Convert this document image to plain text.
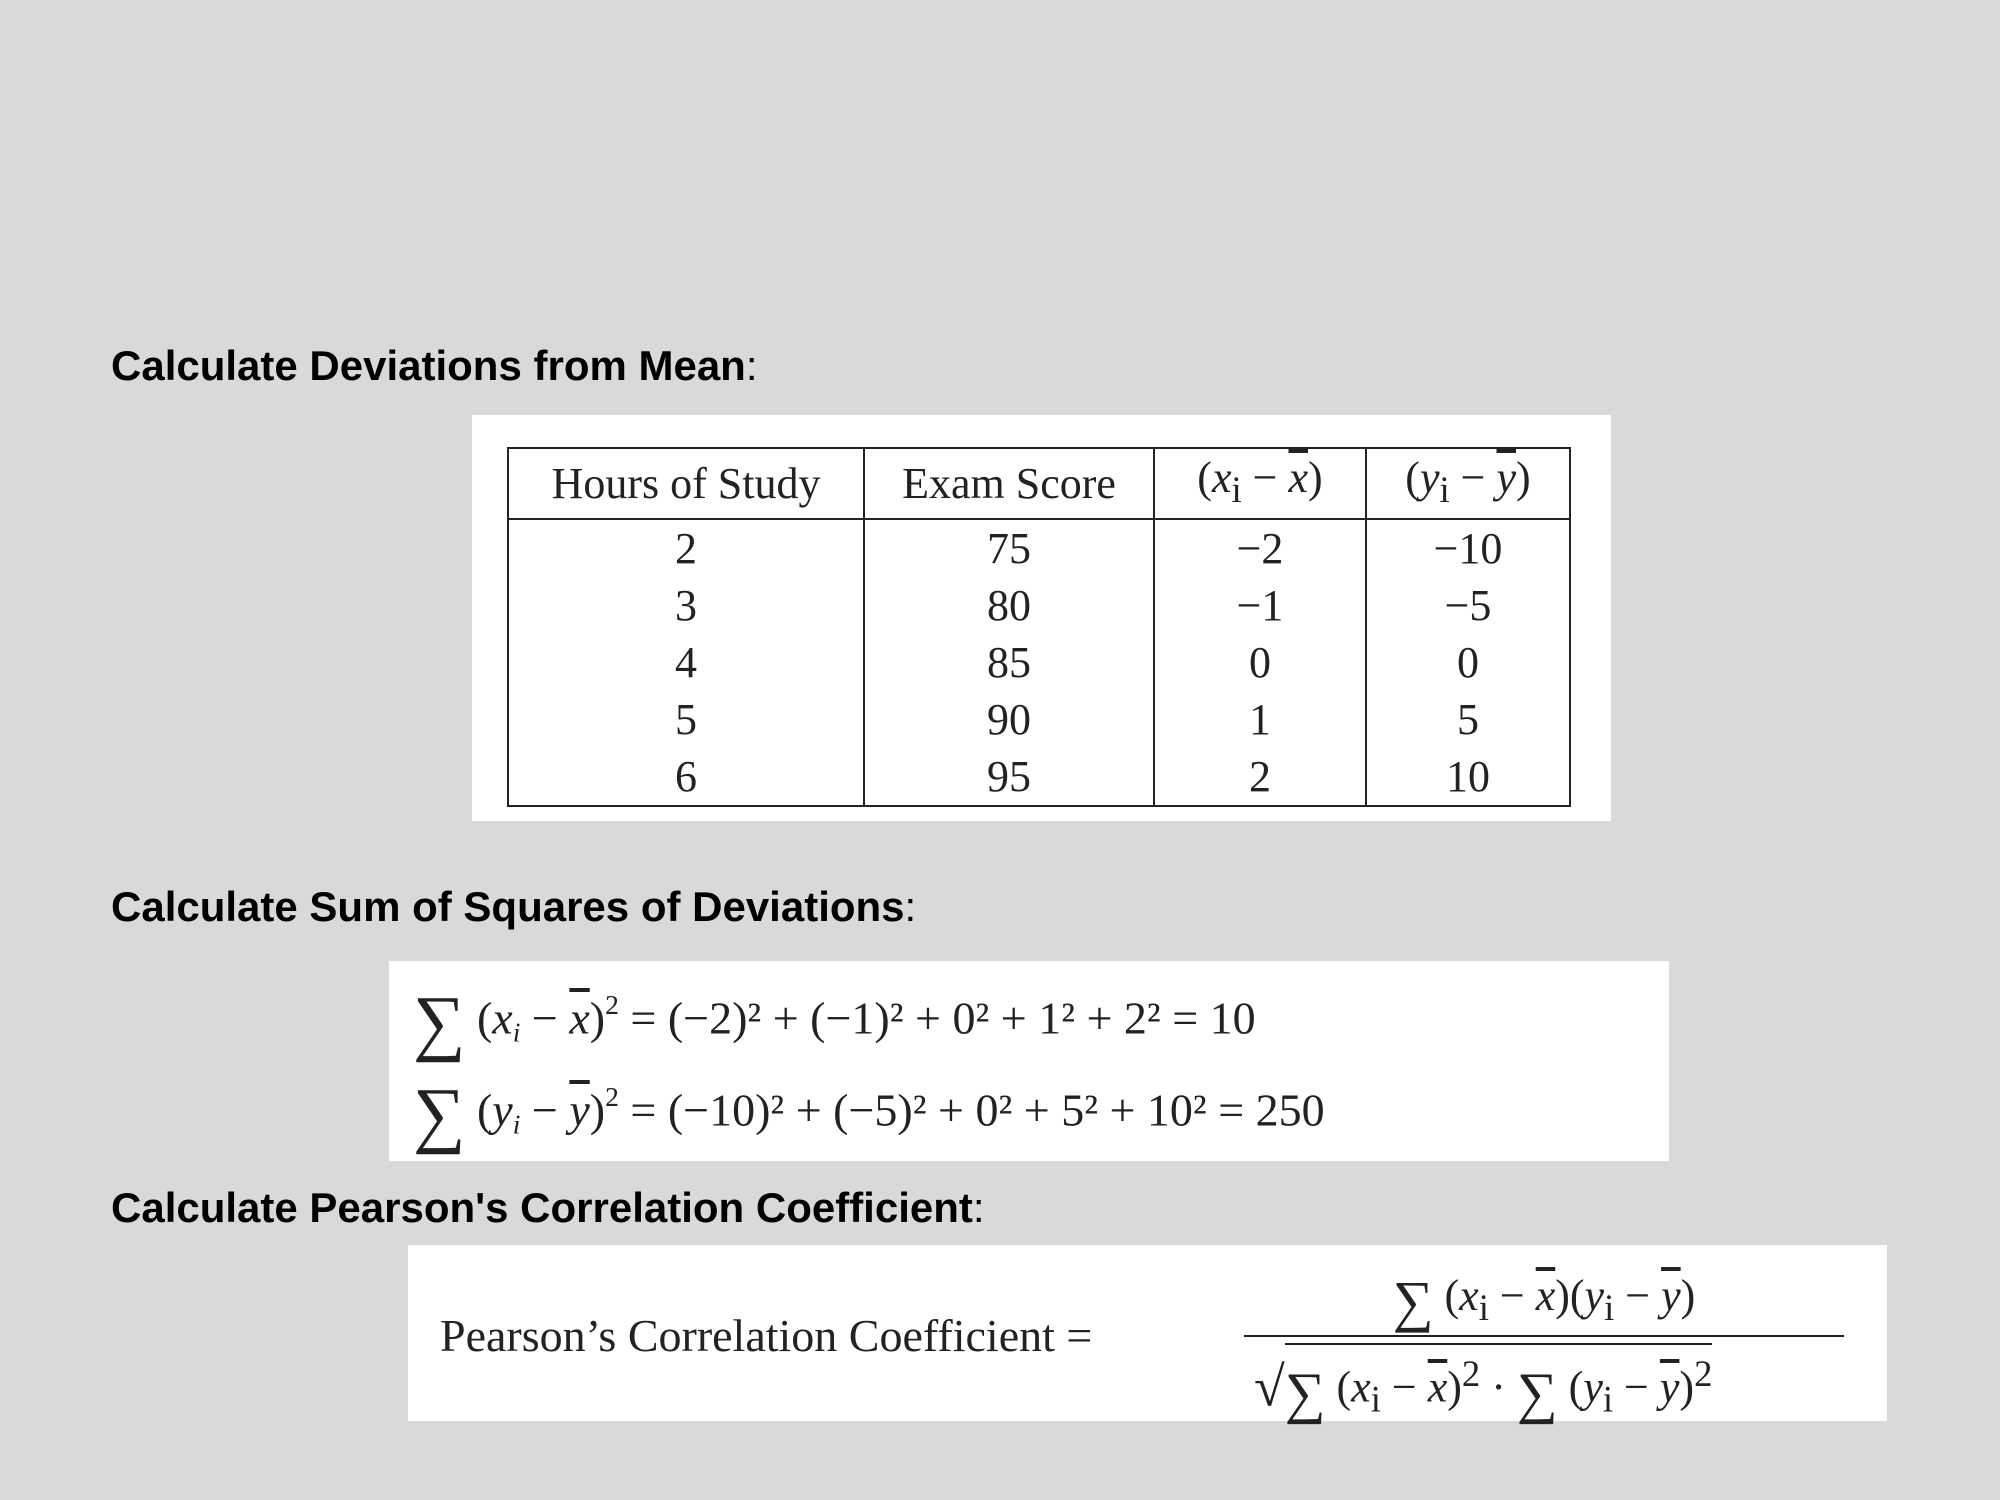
Calculate Deviations from Mean:
Hours of Study	Exam Score	$(x_i - \overline{x})$	$(y_i - \overline{y})$
2	75	−2	−10
3	80	−1	−5
4	85	0	0
5	90	1	5
6	95	2	10
Calculate Sum of Squares of Deviations:
∑ $(x_i - \overline{x})^2 = (-2)^2 + (-1)^2 + 0^2 + 1^2 + 2^2 = 10$
∑ $(y_i - \overline{y})^2 = (-10)^2 + (-5)^2 + 0^2 + 5^2 + 10^2 = 250$
Calculate Pearson's Correlation Coefficient:
Pearson’s Correlation Coefficient =
∑ $(x_i - \overline{x})(y_i - \overline{y})$
√∑ $(x_i - \overline{x})^2$ · ∑ $(y_i - \overline{y})^2$
